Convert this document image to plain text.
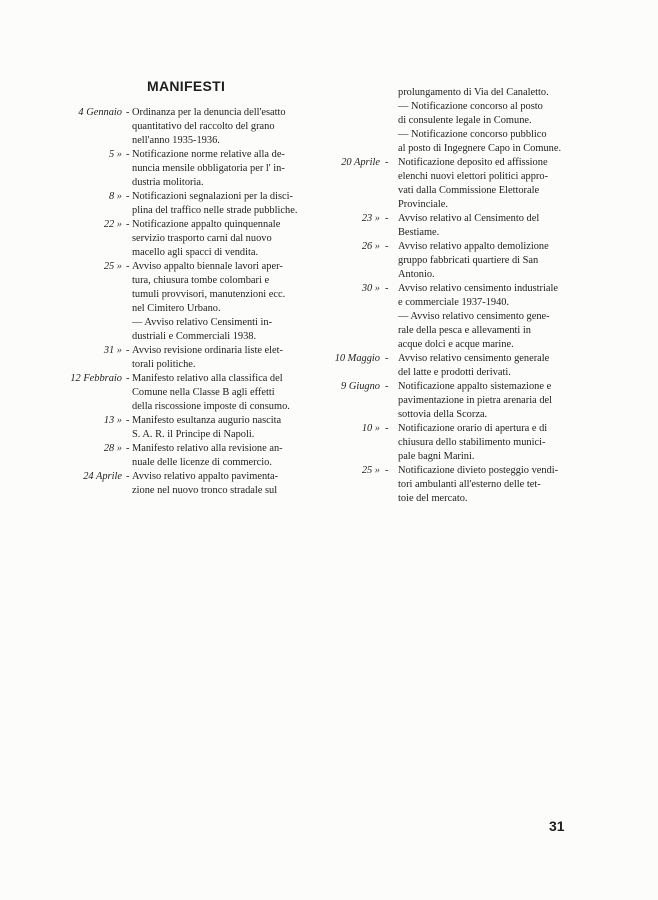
MANIFESTI
4 Gennaio - Ordinanza per la denuncia dell'esatto
quantitativo del raccolto del grano
nell'anno 1935-1936.
5 » - Notificazione norme relative alla de-
nuncia mensile obbligatoria per l' in-
dustria molitoria.
8 » - Notificazioni segnalazioni per la disci-
plina del traffico nelle strade pubbliche.
22 » - Notificazione appalto quinquennale
servizio trasporto carni dal nuovo
macello agli spacci di vendita.
25 » - Avviso appalto biennale lavori aper-
tura, chiusura tombe colombari e
tumuli provvisori, manutenzioni ecc.
nel Cimitero Urbano.
— Avviso relativo Censimenti in-
dustriali e Commerciali 1938.
31 » - Avviso revisione ordinaria liste elet-
torali politiche.
12 Febbraio - Manifesto relativo alla classifica del
Comune nella Classe B agli effetti
della riscossione imposte di consumo.
13 » - Manifesto esultanza augurio nascita
S. A. R. il Principe di Napoli.
28 » - Manifesto relativo alla revisione an-
nuale delle licenze di commercio.
24 Aprile - Avviso relativo appalto pavimenta-
zione nel nuovo tronco stradale sul
prolungamento di Via del Canaletto.
— Notificazione concorso al posto
di consulente legale in Comune.
— Notificazione concorso pubblico
al posto di Ingegnere Capo in Comune.
20 Aprile - Notificazione deposito ed affissione
elenchi nuovi elettori politici appro-
vati dalla Commissione Elettorale
Provinciale.
23 » - Avviso relativo al Censimento del
Bestiame.
26 » - Avviso relativo appalto demolizione
gruppo fabbricati quartiere di San
Antonio.
30 » - Avviso relativo censimento industriale
e commerciale 1937-1940.
— Avviso relativo censimento gene-
rale della pesca e allevamenti in
acque dolci e acque marine.
10 Maggio - Avviso relativo censimento generale
del latte e prodotti derivati.
9 Giugno - Notificazione appalto sistemazione e
pavimentazione in pietra arenaria del
sottovia della Scorza.
10 » - Notificazione orario di apertura e di
chiusura dello stabilimento munici-
pale bagni Marini.
25 » - Notificazione divieto posteggio vendi-
tori ambulanti all'esterno delle tet-
toie del mercato.
31
